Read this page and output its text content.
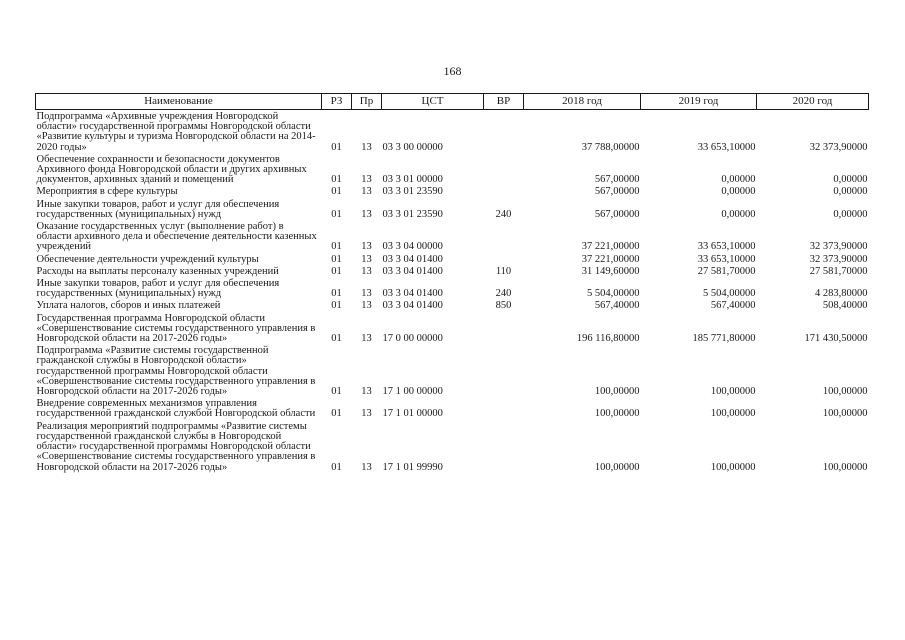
168
Наименование	РЗ	Пр	ЦСТ	ВР	2018 год	2019 год	2020 год
Подпрограмма «Архивные учреждения Новгородской области» государственной программы Новгородской области «Развитие культуры и туризма Новгородской области на 2014-2020 годы»	01	13	03 3 00 00000		37 788,00000	33 653,10000	32 373,90000
Обеспечение сохранности и безопасности документов Архивного фонда Новгородской области и других архивных документов, архивных зданий и помещений	01	13	03 3 01 00000		567,00000	0,00000	0,00000
Мероприятия в сфере культуры	01	13	03 3 01 23590		567,00000	0,00000	0,00000
Иные закупки товаров, работ и услуг для обеспечения государственных (муниципальных) нужд	01	13	03 3 01 23590	240	567,00000	0,00000	0,00000
Оказание государственных услуг (выполнение работ) в области архивного дела и обеспечение деятельности казенных учреждений	01	13	03 3 04 00000		37 221,00000	33 653,10000	32 373,90000
Обеспечение деятельности учреждений культуры	01	13	03 3 04 01400		37 221,00000	33 653,10000	32 373,90000
Расходы на выплаты персоналу казенных учреждений	01	13	03 3 04 01400	110	31 149,60000	27 581,70000	27 581,70000
Иные закупки товаров, работ и услуг для обеспечения государственных (муниципальных) нужд	01	13	03 3 04 01400	240	5 504,00000	5 504,00000	4 283,80000
Уплата налогов, сборов и иных платежей	01	13	03 3 04 01400	850	567,40000	567,40000	508,40000
Государственная программа Новгородской области «Совершенствование системы государственного управления в Новгородской области на 2017-2026 годы»	01	13	17 0 00 00000		196 116,80000	185 771,80000	171 430,50000
Подпрограмма «Развитие системы государственной гражданской службы в Новгородской области» государственной программы Новгородской области «Совершенствование системы государственного управления в Новгородской области на 2017-2026 годы»	01	13	17 1 00 00000		100,00000	100,00000	100,00000
Внедрение современных механизмов управления государственной гражданской службой Новгородской области	01	13	17 1 01 00000		100,00000	100,00000	100,00000
Реализация мероприятий подпрограммы «Развитие системы государственной гражданской службы в Новгородской области» государственной программы Новгородской области «Совершенствование системы государственного управления в Новгородской области на 2017-2026 годы»	01	13	17 1 01 99990		100,00000	100,00000	100,00000
